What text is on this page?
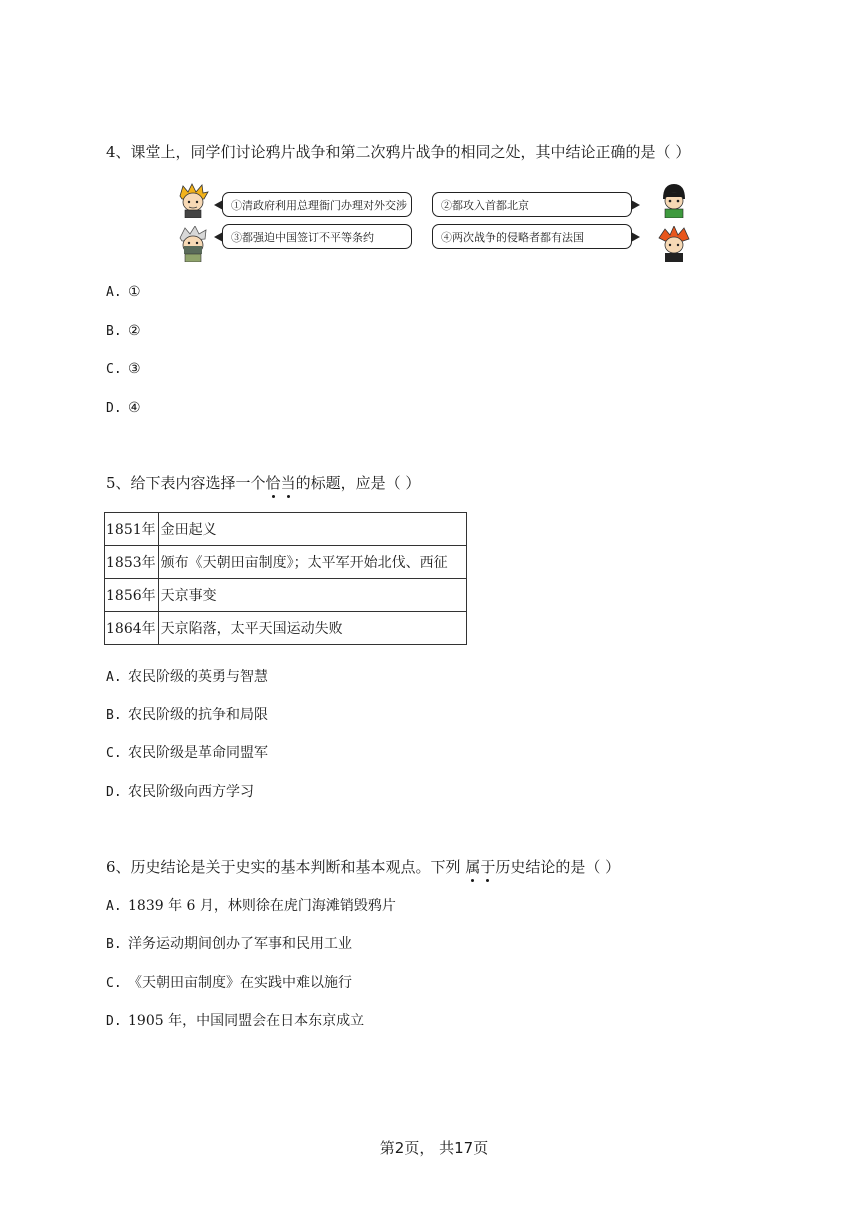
4、课堂上，同学们讨论鸦片战争和第二次鸦片战争的相同之处，其中结论正确的是（ ）
①清政府利用总理衙门办理对外交涉	②都攻入首都北京
③都强迫中国签订不平等条约	④两次战争的侵略者都有法国
A. ①
B. ②
C. ③
D. ④
5、给下表内容选择一个恰当的标题，应是（ ）
1851年	金田起义
1853年	颁布《天朝田亩制度》；太平军开始北伐、西征
1856年	天京事变
1864年	天京陷落，太平天国运动失败
A. 农民阶级的英勇与智慧
B. 农民阶级的抗争和局限
C. 农民阶级是革命同盟军
D. 农民阶级向西方学习
6、历史结论是关于史实的基本判断和基本观点。下列 属于历史结论的是（ ）
A. 1839 年 6 月，林则徐在虎门海滩销毁鸦片
B. 洋务运动期间创办了军事和民用工业
C. 《天朝田亩制度》在实践中难以施行
D. 1905 年，中国同盟会在日本东京成立
第2页， 共17页
